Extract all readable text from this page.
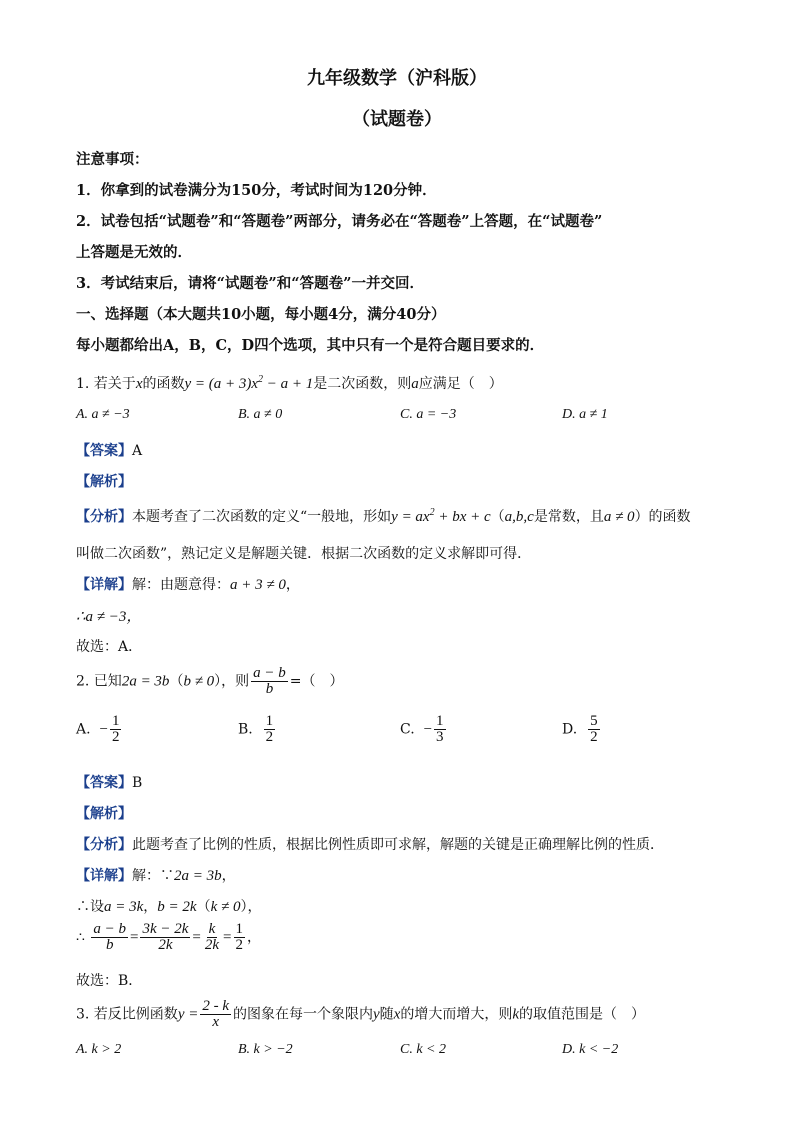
九年级数学（沪科版）
（试题卷）
注意事项：
1．你拿到的试卷满分为150分，考试时间为120分钟．
2．试卷包括“试题卷”和“答题卷”两部分，请务必在“答题卷”上答题，在“试题卷”
上答题是无效的．
3．考试结束后，请将“试题卷”和“答题卷”一并交回．
一、选择题（本大题共10小题，每小题4分，满分40分）
每小题都给出A，B，C，D四个选项，其中只有一个是符合题目要求的．
1. 若关于x的函数$y = (a + 3)x^2 - a + 1$是二次函数，则a应满足（　）
A. a ≠ −3	B. a ≠ 0	C. a = −3	D. a ≠ 1
【答案】A
【解析】
【分析】本题考查了二次函数的定义“一般地，形如$y = ax^2$ + bx + c（a,b,c是常数，且a ≠ 0）的函数
叫做二次函数”，熟记定义是解题关键．根据二次函数的定义求解即可得．
【详解】解：由题意得：a + 3 ≠ 0，
∴a ≠ −3，
故选：A．
2. 已知2a = 3b（b ≠ 0），则 $\frac{a - b}{b}$ =（　）
A. − $\frac{1}{2}$	B. $\frac{1}{2}$	C. − $\frac{1}{3}$	D. $\frac{5}{2}$
【答案】B
【解析】
【分析】此题考查了比例的性质，根据比例性质即可求解，解题的关键是正确理解比例的性质．
【详解】解：∵2a = 3b，
∴设a = 3k，b = 2k（k ≠ 0），
∴ $\frac{a - b}{b} = \frac{3k - 2k}{2k} = \frac{k}{2k} = \frac{1}{2}$ ，
故选：B．
3. 若反比例函数$y = \frac{2 - k}{x}$ 的图象在每一个象限内y随x的增大而增大，则k的取值范围是（　）
A. k > 2	B. k > −2	C. k < 2	D. k < −2
